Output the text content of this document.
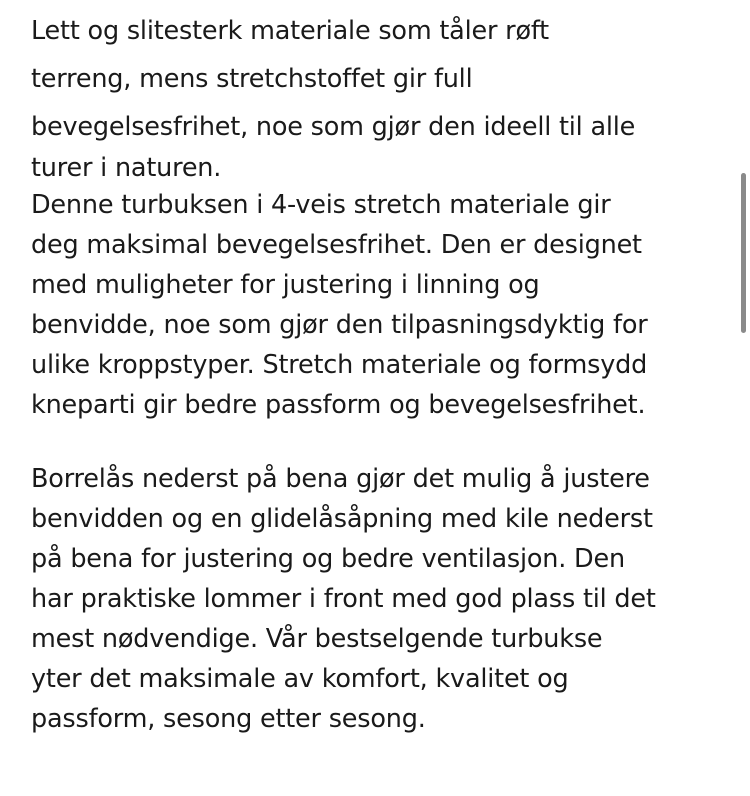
Lett og slitesterk materiale som tåler røft
terreng, mens stretchstoffet gir full
bevegelsesfrihet, noe som gjør den ideell til alle
turer i naturen.

Denne turbuksen i 4-veis stretch materiale gir
deg maksimal bevegelsesfrihet. Den er designet
med muligheter for justering i linning og
benvidde, noe som gjør den tilpasningsdyktig for
ulike kroppstyper. Stretch materiale og formsydd
kneparti gir bedre passform og bevegelsesfrihet.

Borrelås nederst på bena gjør det mulig å justere
benvidden og en glidelåsåpning med kile nederst
på bena for justering og bedre ventilasjon. Den
har praktiske lommer i front med god plass til det
mest nødvendige. Vår bestselgende turbukse
yter det maksimale av komfort, kvalitet og
passform, sesong etter sesong.
